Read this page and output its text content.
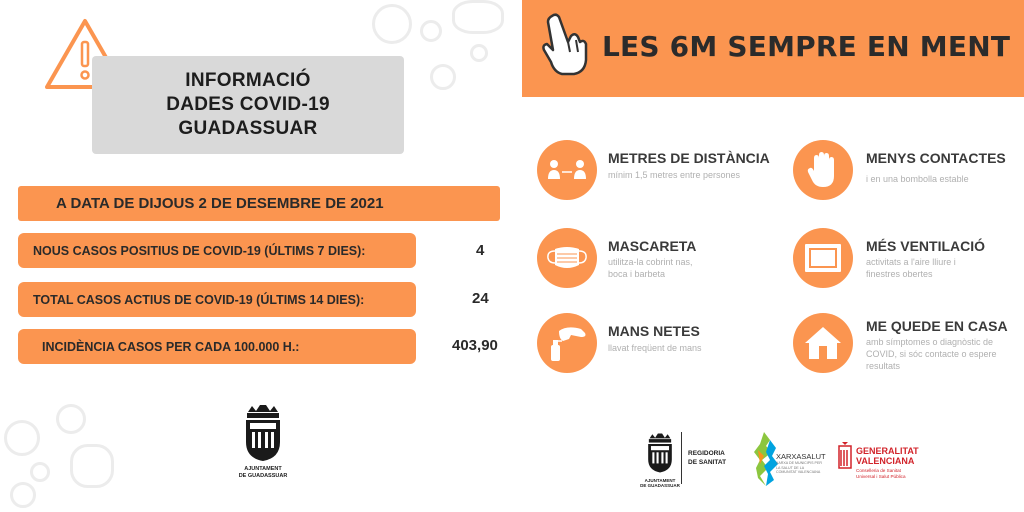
INFORMACIÓ
DADES COVID-19
GUADASSUAR
A DATA DE DIJOUS 2 DE DESEMBRE DE 2021
NOUS CASOS POSITIUS DE COVID-19 (ÚLTIMS 7 DIES):	4
TOTAL CASOS ACTIUS DE COVID-19 (ÚLTIMS 14 DIES):	24
INCIDÈNCIA CASOS PER CADA 100.000 H.:	403,90
AJUNTAMENT
DE GUADASSUAR
LES 6M SEMPRE EN MENT
METRES DE DISTÀNCIA
mínim 1,5 metres entre persones
MENYS CONTACTES
i en una bombolla estable
MASCARETA
utilitza-la cobrint nas,
boca i barbeta
MÉS VENTILACIÓ
activitats a l'aire lliure i
finestres obertes
MANS NETES
llavat freqüent de mans
ME QUEDE EN CASA
amb símptomes o diagnòstic de
COVID, si sóc contacte o espere
resultats
AJUNTAMENT
DE GUADASSUAR
REGIDORIA
DE SANITAT
XARXASALUT
XARXA DE MUNICIPIS PER LA SALUT DE LA COMUNITAT VALENCIANA
GENERALITAT
VALENCIANA
Conselleria de Sanitat
Universal i Salut Pública
